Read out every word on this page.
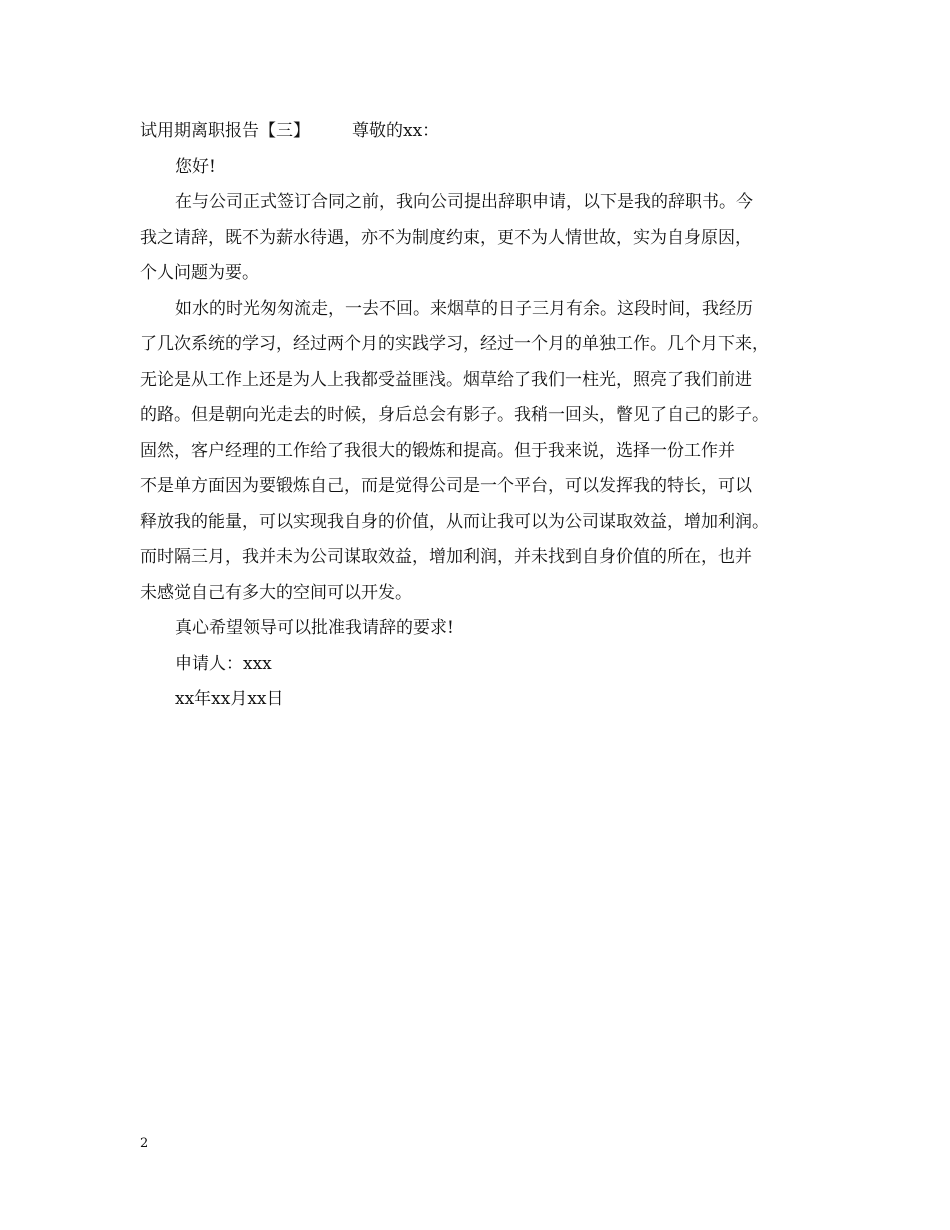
试用期离职报告【三】 尊敬的xx：
您好!
在与公司正式签订合同之前，我向公司提出辞职申请，以下是我的辞职书。今
我之请辞，既不为薪水待遇，亦不为制度约束，更不为人情世故，实为自身原因，
个人问题为要。
如水的时光匆匆流走，一去不回。来烟草的日子三月有余。这段时间，我经历
了几次系统的学习，经过两个月的实践学习，经过一个月的单独工作。几个月下来，
无论是从工作上还是为人上我都受益匪浅。烟草给了我们一柱光，照亮了我们前进
的路。但是朝向光走去的时候，身后总会有影子。我稍一回头，瞥见了自己的影子。
固然，客户经理的工作给了我很大的锻炼和提高。但于我来说，选择一份工作并
不是单方面因为要锻炼自己，而是觉得公司是一个平台，可以发挥我的特长，可以
释放我的能量，可以实现我自身的价值，从而让我可以为公司谋取效益，增加利润。
而时隔三月，我并未为公司谋取效益，增加利润，并未找到自身价值的所在，也并
未感觉自己有多大的空间可以开发。
真心希望领导可以批准我请辞的要求!
申请人：xxx
xx年xx月xx日
2
